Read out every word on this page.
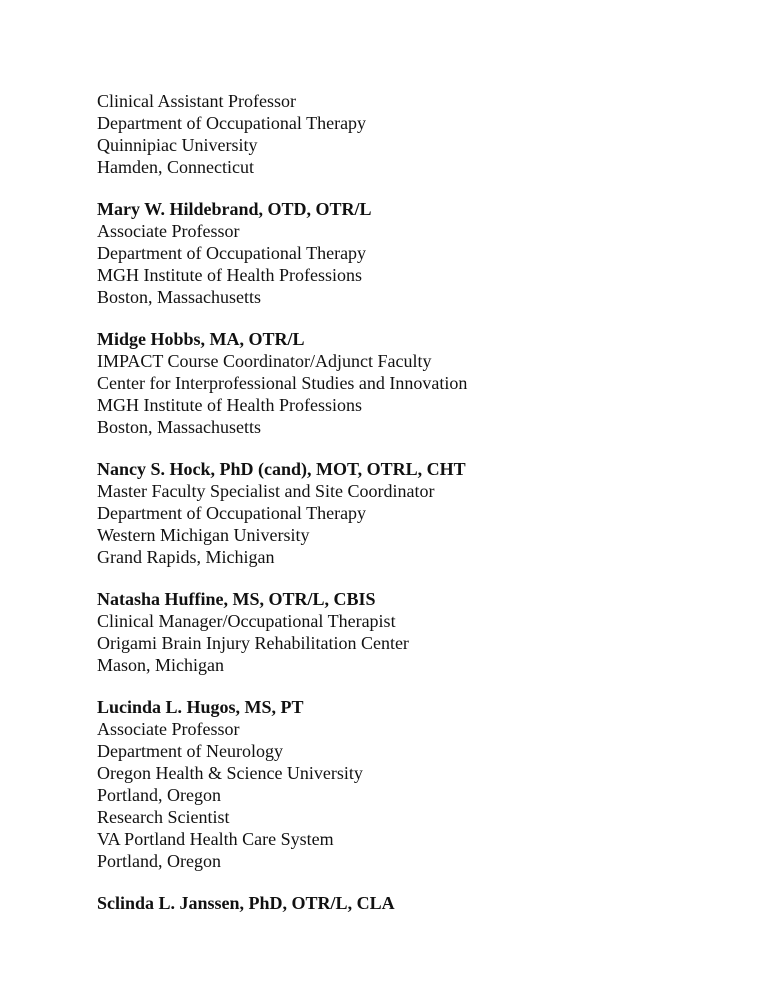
Clinical Assistant Professor
Department of Occupational Therapy
Quinnipiac University
Hamden, Connecticut
Mary W. Hildebrand, OTD, OTR/L
Associate Professor
Department of Occupational Therapy
MGH Institute of Health Professions
Boston, Massachusetts
Midge Hobbs, MA, OTR/L
IMPACT Course Coordinator/Adjunct Faculty
Center for Interprofessional Studies and Innovation
MGH Institute of Health Professions
Boston, Massachusetts
Nancy S. Hock, PhD (cand), MOT, OTRL, CHT
Master Faculty Specialist and Site Coordinator
Department of Occupational Therapy
Western Michigan University
Grand Rapids, Michigan
Natasha Huffine, MS, OTR/L, CBIS
Clinical Manager/Occupational Therapist
Origami Brain Injury Rehabilitation Center
Mason, Michigan
Lucinda L. Hugos, MS, PT
Associate Professor
Department of Neurology
Oregon Health & Science University
Portland, Oregon
Research Scientist
VA Portland Health Care System
Portland, Oregon
Sclinda L. Janssen, PhD, OTR/L, CLA
